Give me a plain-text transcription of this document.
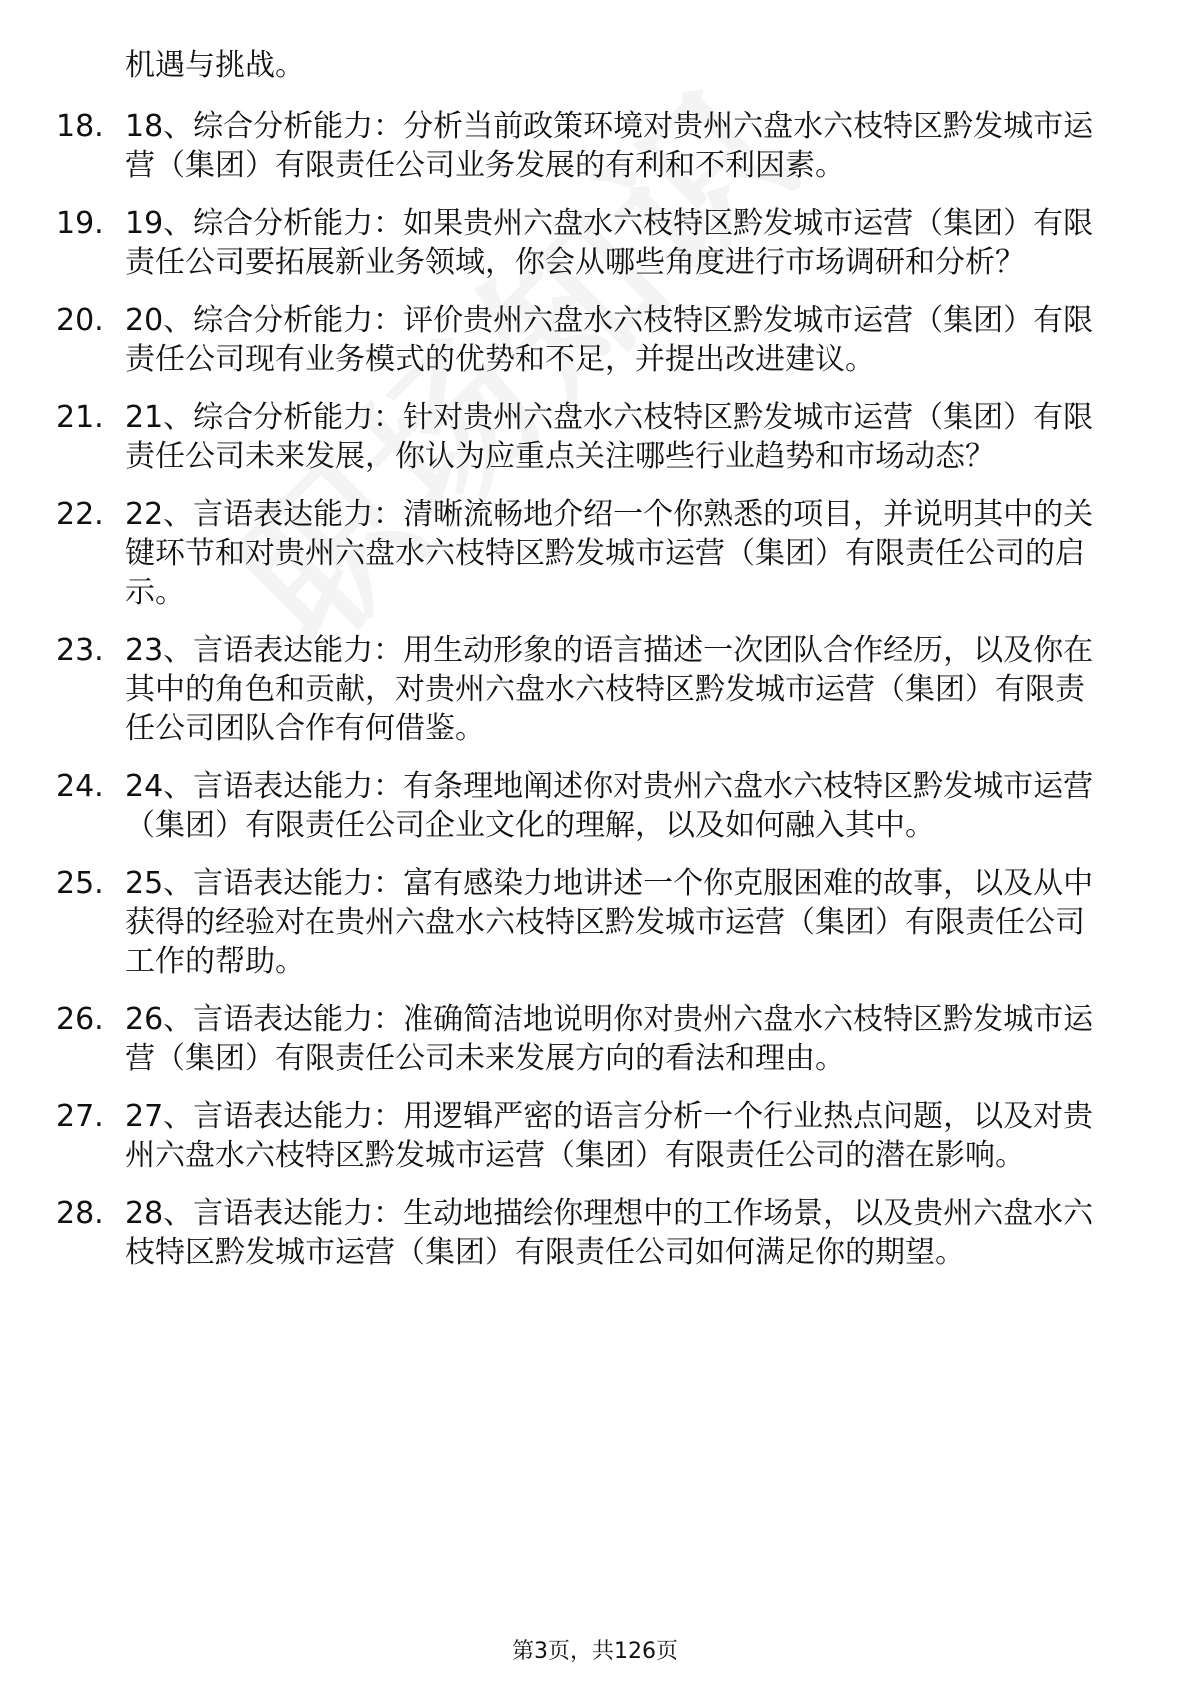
机遇与挑战。
18. 18、综合分析能力：分析当前政策环境对贵州六盘水六枝特区黔发城市运营（集团）有限责任公司业务发展的有利和不利因素。
19. 19、综合分析能力：如果贵州六盘水六枝特区黔发城市运营（集团）有限责任公司要拓展新业务领域，你会从哪些角度进行市场调研和分析？
20. 20、综合分析能力：评价贵州六盘水六枝特区黔发城市运营（集团）有限责任公司现有业务模式的优势和不足，并提出改进建议。
21. 21、综合分析能力：针对贵州六盘水六枝特区黔发城市运营（集团）有限责任公司未来发展，你认为应重点关注哪些行业趋势和市场动态？
22. 22、言语表达能力：清晰流畅地介绍一个你熟悉的项目，并说明其中的关键环节和对贵州六盘水六枝特区黔发城市运营（集团）有限责任公司的启示。
23. 23、言语表达能力：用生动形象的语言描述一次团队合作经历，以及你在其中的角色和贡献，对贵州六盘水六枝特区黔发城市运营（集团）有限责任公司团队合作有何借鉴。
24. 24、言语表达能力：有条理地阐述你对贵州六盘水六枝特区黔发城市运营（集团）有限责任公司企业文化的理解，以及如何融入其中。
25. 25、言语表达能力：富有感染力地讲述一个你克服困难的故事，以及从中获得的经验对在贵州六盘水六枝特区黔发城市运营（集团）有限责任公司工作的帮助。
26. 26、言语表达能力：准确简洁地说明你对贵州六盘水六枝特区黔发城市运营（集团）有限责任公司未来发展方向的看法和理由。
27. 27、言语表达能力：用逻辑严密的语言分析一个行业热点问题，以及对贵州六盘水六枝特区黔发城市运营（集团）有限责任公司的潜在影响。
28. 28、言语表达能力：生动地描绘你理想中的工作场景，以及贵州六盘水六枝特区黔发城市运营（集团）有限责任公司如何满足你的期望。
第3页，共126页
